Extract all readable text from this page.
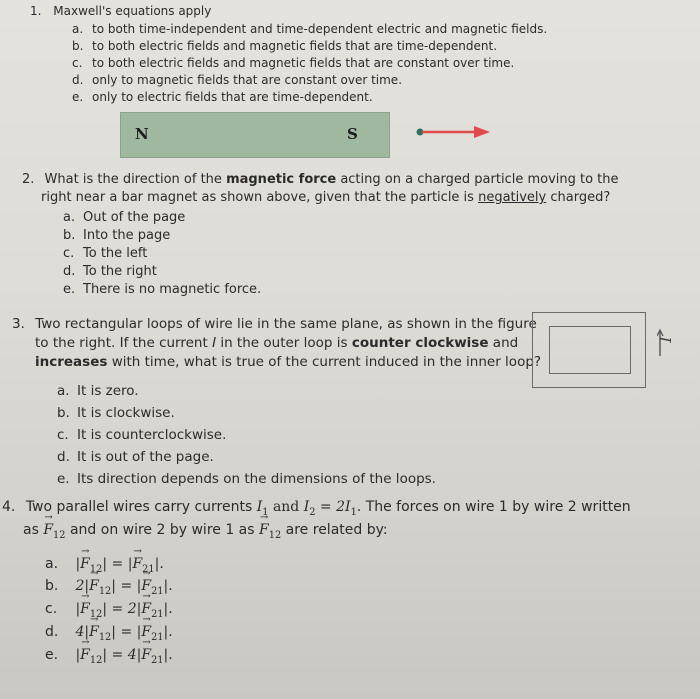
1. Maxwell's equations apply
a. to both time-independent and time-dependent electric and magnetic fields.
b. to both electric fields and magnetic fields that are time-dependent.
c. to both electric fields and magnetic fields that are constant over time.
d. only to magnetic fields that are constant over time.
e. only to electric fields that are time-dependent.
N	S
2. What is the direction of the magnetic force acting on a charged particle moving to the
right near a bar magnet as shown above, given that the particle is negatively charged?
a. Out of the page
b. Into the page
c. To the left
d. To the right
e. There is no magnetic force.
3. Two rectangular loops of wire lie in the same plane, as shown in the figure
to the right. If the current I in the outer loop is counter clockwise and
increases with time, what is true of the current induced in the inner loop?
a. It is zero.
b. It is clockwise.
c. It is counterclockwise.
d. It is out of the page.
e. Its direction depends on the dimensions of the loops.
I
4. Two parallel wires carry currents $I_1$ and $I_2 = 2I_1$. The forces on wire 1 by wire 2 written
as → $F_{12}$ and on wire 2 by wire 1 as → $F_{12}$ are related by:
a. |→ $F_{12}|$ = |→ $F_{21}|$.
b. $2|\to F_{12}|$ = |→ $F_{21}|$.
c. |→ $F_{12}| = 2|\to F_{21}|$.
d. $4|\to F_{12}|$ = |→ $F_{21}|$.
e. |→ $F_{12}| = 4|\to F_{21}|$.
